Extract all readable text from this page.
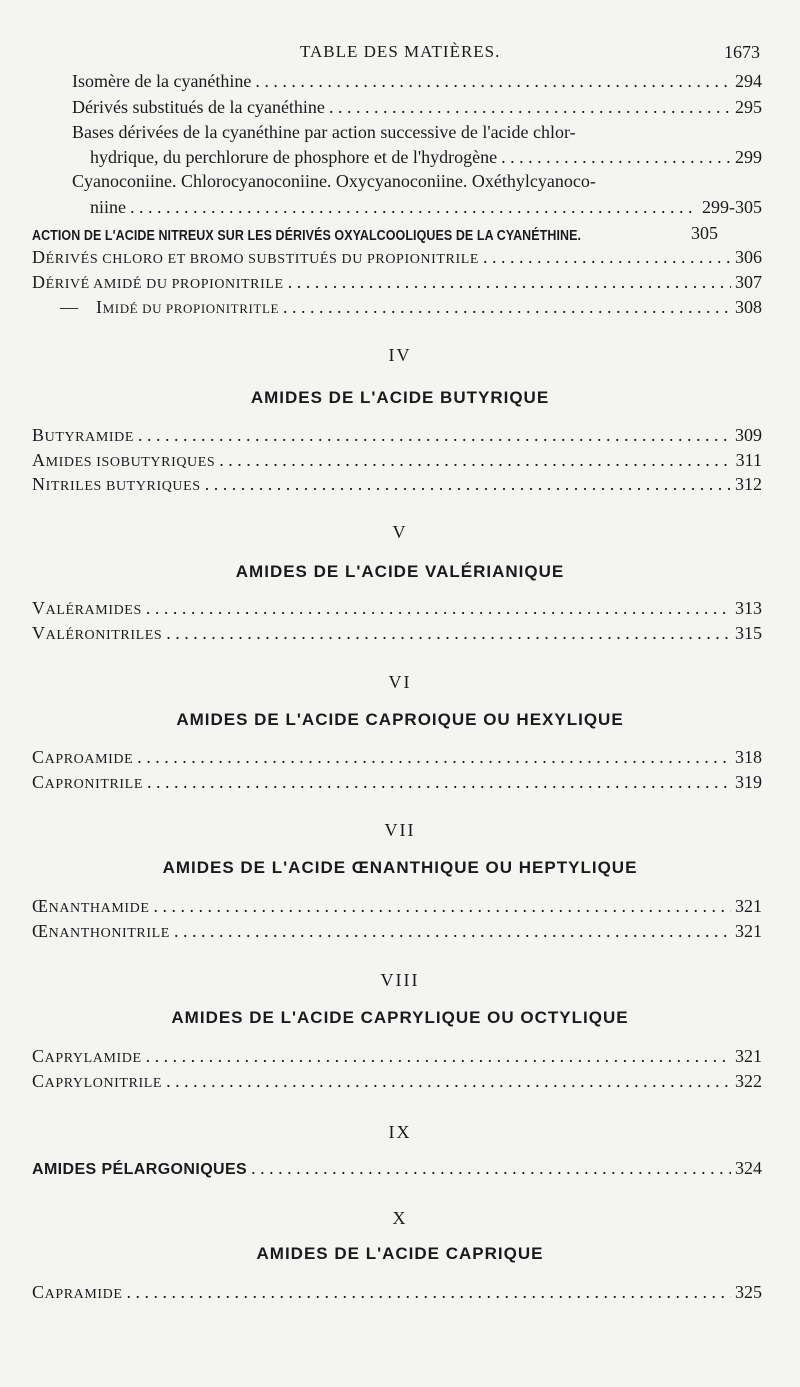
TABLE DES MATIÈRES.	1673
Isomère de la cyanéthine . . .	294
Dérivés substitués de la cyanéthine . . .	295
Bases dérivées de la cyanéthine par action successive de l'acide chlor-
hydrique, du perchlorure de phosphore et de l'hydrogène . . .	299
Cyanoconiine. Chlorocyanoconiine. Oxycyanoconiine. Oxéthylcyanoco-
niine . . .	299-305
ACTION DE L'ACIDE NITREUX SUR LES DÉRIVÉS OXYALCOOLIQUES DE LA CYANÉTHINE.	305
DÉRIVÉS CHLORO ET BROMO SUBSTITUÉS DU PROPIONITRILE . . .	306
DÉRIVÉ AMIDÉ DU PROPIONITRILE . . .	307
— IMIDÉ DU PROPIONITRITLE . . .	308
IV
AMIDES DE L'ACIDE BUTYRIQUE
BUTYRAMIDE . . .	309
AMIDES ISOBUTYRIQUES . . .	311
NITRILES BUTYRIQUES . . .	312
V
AMIDES DE L'ACIDE VALÉRIANIQUE
VALÉRAMIDES . . .	313
VALÉRONITRILES . . .	315
VI
AMIDES DE L'ACIDE CAPROIQUE OU HEXYLIQUE
CAPROAMIDE . . .	318
CAPRONITRILE . . .	319
VII
AMIDES DE L'ACIDE ŒNANTHIQUE OU HEPTYLIQUE
ŒNANTHAMIDE . . .	321
ŒNANTHONITRILE . . .	321
VIII
AMIDES DE L'ACIDE CAPRYLIQUE OU OCTYLIQUE
CAPRYLAMIDE . . .	321
CAPRYLONITRILE . . .	322
IX
AMIDES PÉLARGONIQUES . . .	324
X
AMIDES DE L'ACIDE CAPRIQUE
CAPRAMIDE . . .	325
